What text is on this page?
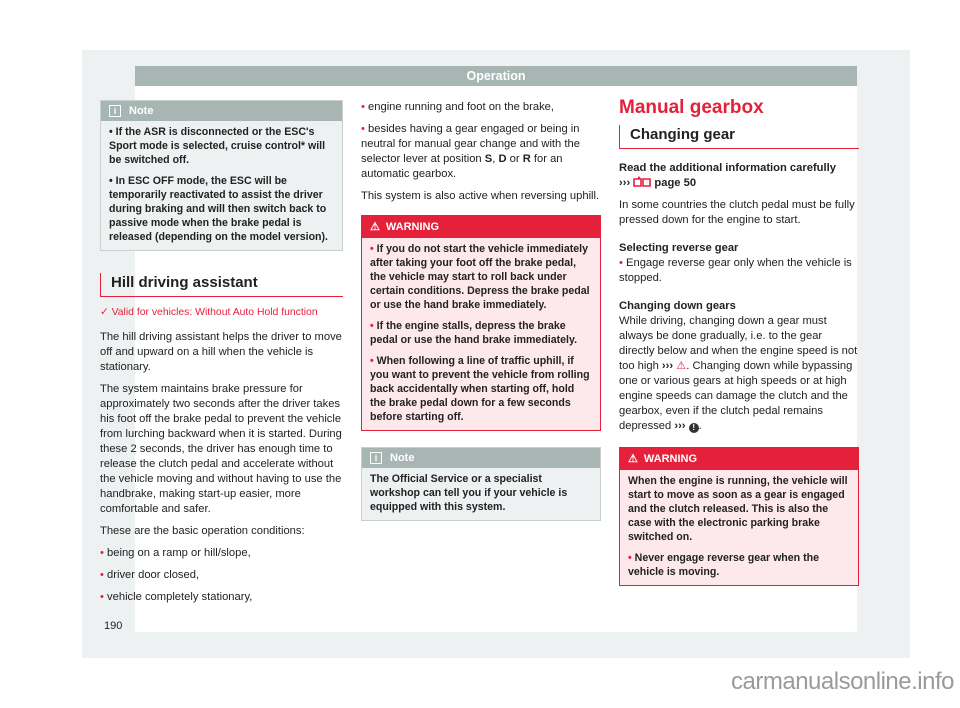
Operation
i	Note

• If the ASR is disconnected or the ESC's Sport mode is selected, cruise control* will be switched off.

• In ESC OFF mode, the ESC will be temporarily reactivated to assist the driver during braking and will then switch back to passive mode when the brake pedal is released (depending on the model version).

Hill driving assistant
✓ Valid for vehicles: Without Auto Hold function

The hill driving assistant helps the driver to move off and upward on a hill when the vehicle is stationary.

The system maintains brake pressure for approximately two seconds after the driver takes his foot off the brake pedal to prevent the vehicle from lurching backward when it is started. During these 2 seconds, the driver has enough time to release the clutch pedal and accelerate without the vehicle moving and without having to use the handbrake, making start-up easier, more comfortable and safer.

These are the basic operation conditions:

• being on a ramp or hill/slope,

• driver door closed,

• vehicle completely stationary,

• engine running and foot on the brake,

• besides having a gear engaged or being in neutral for manual gear change and with the selector lever at position S, D or R for an automatic gearbox.

This system is also active when reversing uphill.

⚠ WARNING

• If you do not start the vehicle immediately after taking your foot off the brake pedal, the vehicle may start to roll back under certain conditions. Depress the brake pedal or use the hand brake immediately.

• If the engine stalls, depress the brake pedal or use the hand brake immediately.

• When following a line of traffic uphill, if you want to prevent the vehicle from rolling back accidentally when starting off, hold the brake pedal down for a few seconds before starting off.

i	Note
The Official Service or a specialist workshop can tell you if your vehicle is equipped with this system.
Manual gearbox
Changing gear
Read the additional information carefully

››› page 50

In some countries the clutch pedal must be fully pressed down for the engine to start.

Selecting reverse gear

• Engage reverse gear only when the vehicle is stopped.

Changing down gears

While driving, changing down a gear must always be done gradually, i.e. to the gear directly below and when the engine speed is not too high ››› ⚠. Changing down while bypassing one or various gears at high speeds or at high engine speeds can damage the clutch and the gearbox, even if the clutch pedal remains depressed ››› ! .

⚠ WARNING

When the engine is running, the vehicle will start to move as soon as a gear is engaged and the clutch released. This is also the case with the electronic parking brake switched on.

• Never engage reverse gear when the vehicle is moving.

190
carmanualsonline.info
